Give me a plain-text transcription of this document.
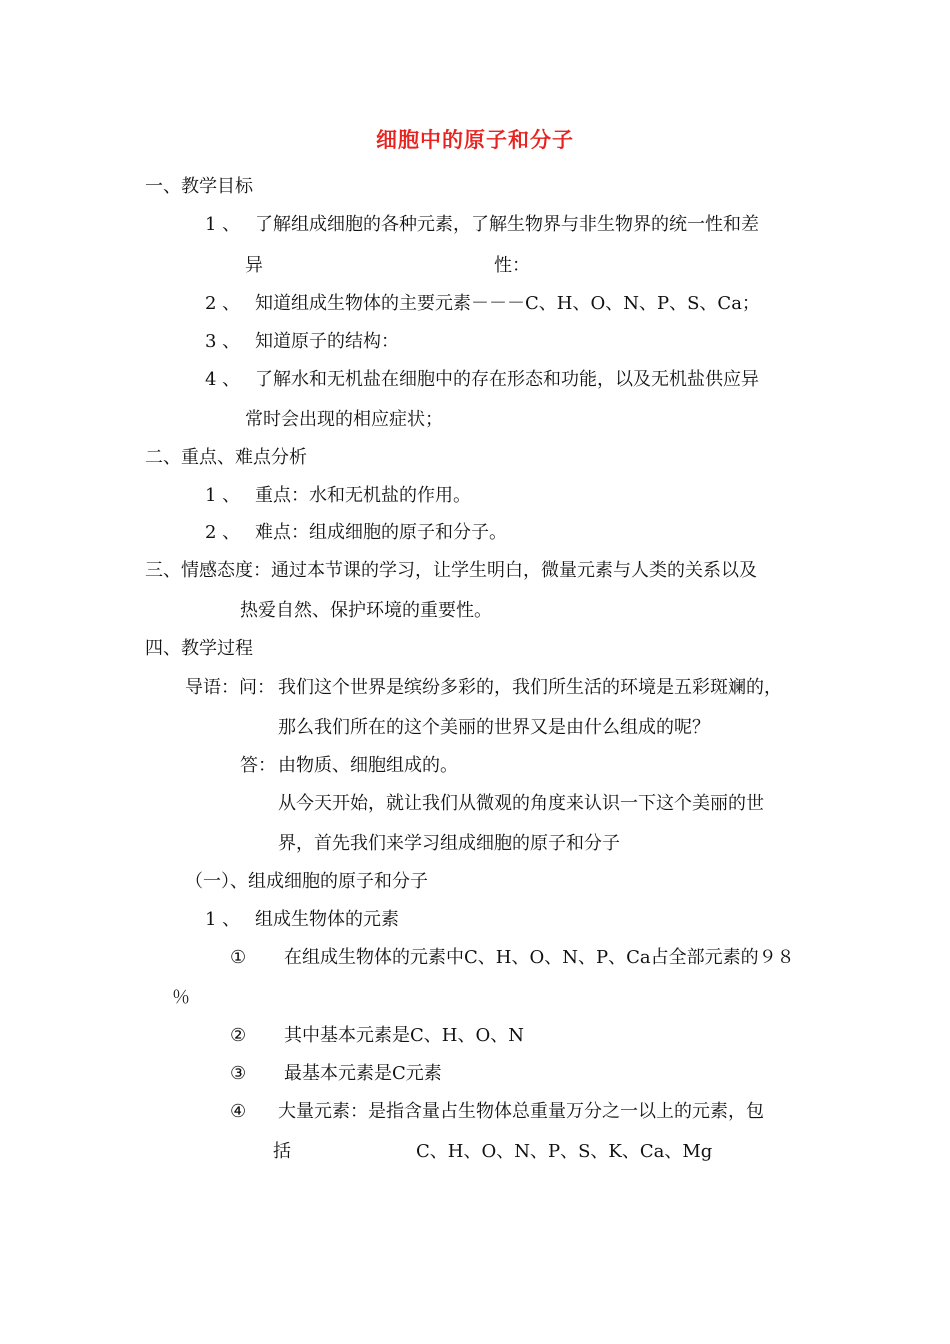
细胞中的原子和分子
一、教学目标
1 、 了解组成细胞的各种元素，了解生物界与非生物界的统一性和差
异	性：
2 、 知道组成生物体的主要元素－－－C、H、O、N、P、S、Ca；
3 、 知道原子的结构：
4 、 了解水和无机盐在细胞中的存在形态和功能，以及无机盐供应异
常时会出现的相应症状；
二、重点、难点分析
1 、 重点：水和无机盐的作用。
2 、 难点：组成细胞的原子和分子。
三、情感态度：通过本节课的学习，让学生明白，微量元素与人类的关系以及
热爱自然、保护环境的重要性。
四、教学过程
导语：问： 我们这个世界是缤纷多彩的，我们所生活的环境是五彩斑斓的，
那么我们所在的这个美丽的世界又是由什么组成的呢？
答： 由物质、细胞组成的。
从今天开始，就让我们从微观的角度来认识一下这个美丽的世
界，首先我们来学习组成细胞的原子和分子
（一）、组成细胞的原子和分子
1 、 组成生物体的元素
① 在组成生物体的元素中C、H、O、N、P、Ca占全部元素的９８
％
② 其中基本元素是C、H、O、N
③ 最基本元素是C元素
④ 大量元素：是指含量占生物体总重量万分之一以上的元素，包
括	C、H、O、N、P、S、K、Ca、Mg
